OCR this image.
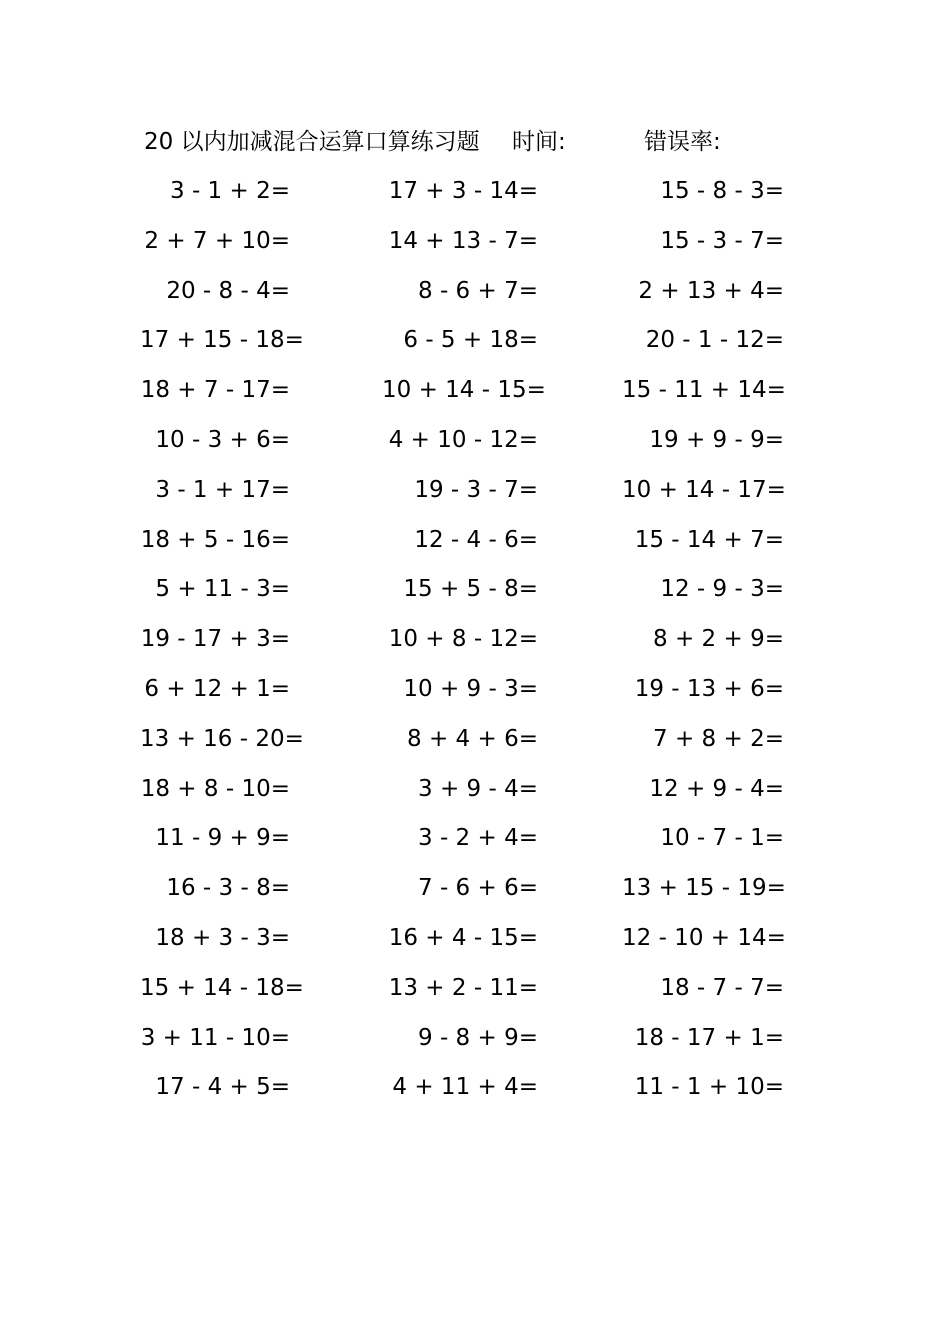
20 以内加减混合运算口算练习题 时间:	错误率:
3 - 1 + 2=
2 + 7 + 10=
20 - 8 - 4=
17 + 15 - 18=
18 + 7 - 17=
10 - 3 + 6=
3 - 1 + 17=
18 + 5 - 16=
5 + 11 - 3=
19 - 17 + 3=
6 + 12 + 1=
13 + 16 - 20=
18 + 8 - 10=
11 - 9 + 9=
16 - 3 - 8=
18 + 3 - 3=
15 + 14 - 18=
3 + 11 - 10=
17 - 4 + 5=
17 + 3 - 14=
14 + 13 - 7=
8 - 6 + 7=
6 - 5 + 18=
10 + 14 - 15=
4 + 10 - 12=
19 - 3 - 7=
12 - 4 - 6=
15 + 5 - 8=
10 + 8 - 12=
10 + 9 - 3=
8 + 4 + 6=
3 + 9 - 4=
3 - 2 + 4=
7 - 6 + 6=
16 + 4 - 15=
13 + 2 - 11=
9 - 8 + 9=
4 + 11 + 4=
15 - 8 - 3=
15 - 3 - 7=
2 + 13 + 4=
20 - 1 - 12=
15 - 11 + 14=
19 + 9 - 9=
10 + 14 - 17=
15 - 14 + 7=
12 - 9 - 3=
8 + 2 + 9=
19 - 13 + 6=
7 + 8 + 2=
12 + 9 - 4=
10 - 7 - 1=
13 + 15 - 19=
12 - 10 + 14=
18 - 7 - 7=
18 - 17 + 1=
11 - 1 + 10=
